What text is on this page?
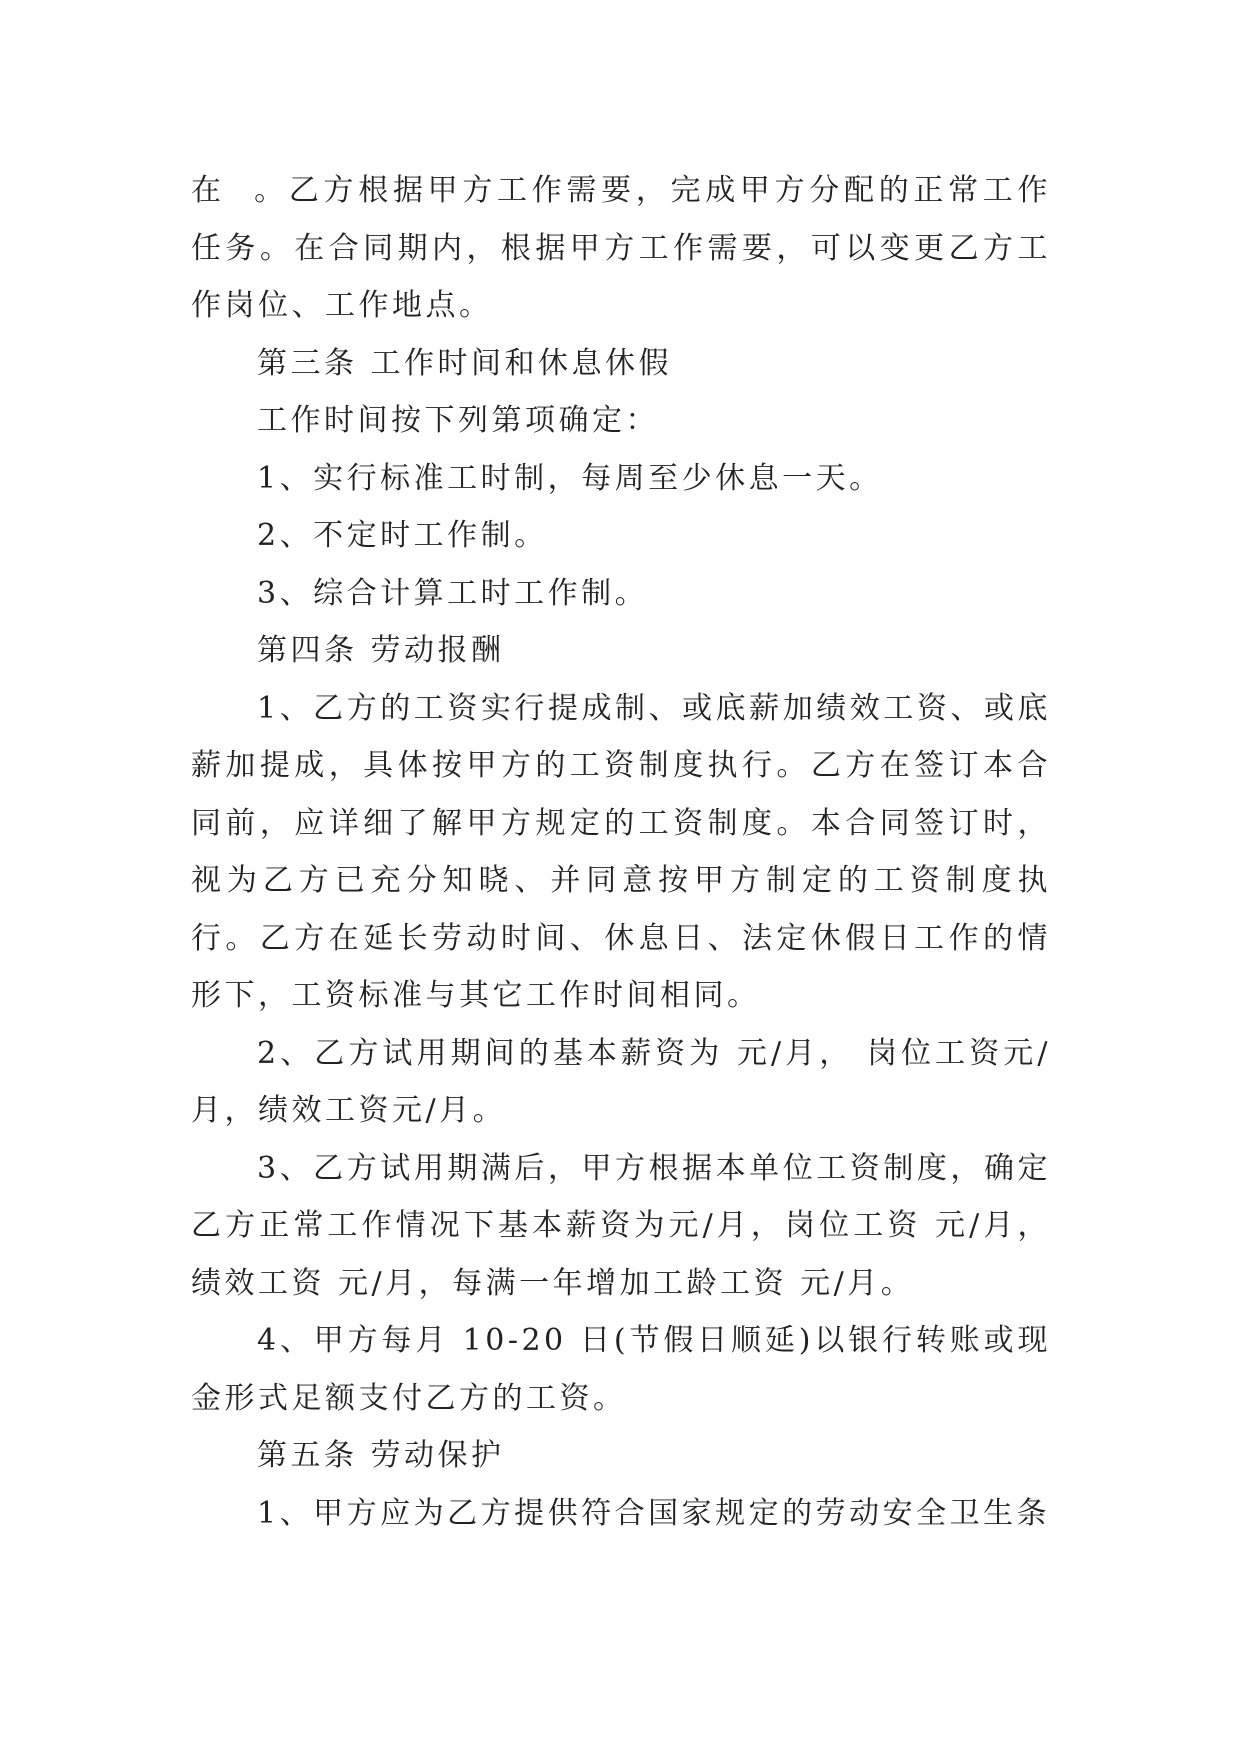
在  。乙方根据甲方工作需要，完成甲方分配的正常工作任务。在合同期内，根据甲方工作需要，可以变更乙方工作岗位、工作地点。

第三条 工作时间和休息休假

工作时间按下列第项确定：

1、实行标准工时制，每周至少休息一天。

2、不定时工作制。

3、综合计算工时工作制。

第四条 劳动报酬

1、乙方的工资实行提成制、或底薪加绩效工资、或底薪加提成，具体按甲方的工资制度执行。乙方在签订本合同前，应详细了解甲方规定的工资制度。本合同签订时，视为乙方已充分知晓、并同意按甲方制定的工资制度执行。乙方在延长劳动时间、休息日、法定休假日工作的情形下，工资标准与其它工作时间相同。

2、乙方试用期间的基本薪资为 元/月， 岗位工资元/月，绩效工资元/月。

3、乙方试用期满后，甲方根据本单位工资制度，确定乙方正常工作情况下基本薪资为元/月，岗位工资 元/月，绩效工资 元/月，每满一年增加工龄工资 元/月。

4、甲方每月 10-20 日(节假日顺延)以银行转账或现金形式足额支付乙方的工资。

第五条 劳动保护

1、甲方应为乙方提供符合国家规定的劳动安全卫生条
